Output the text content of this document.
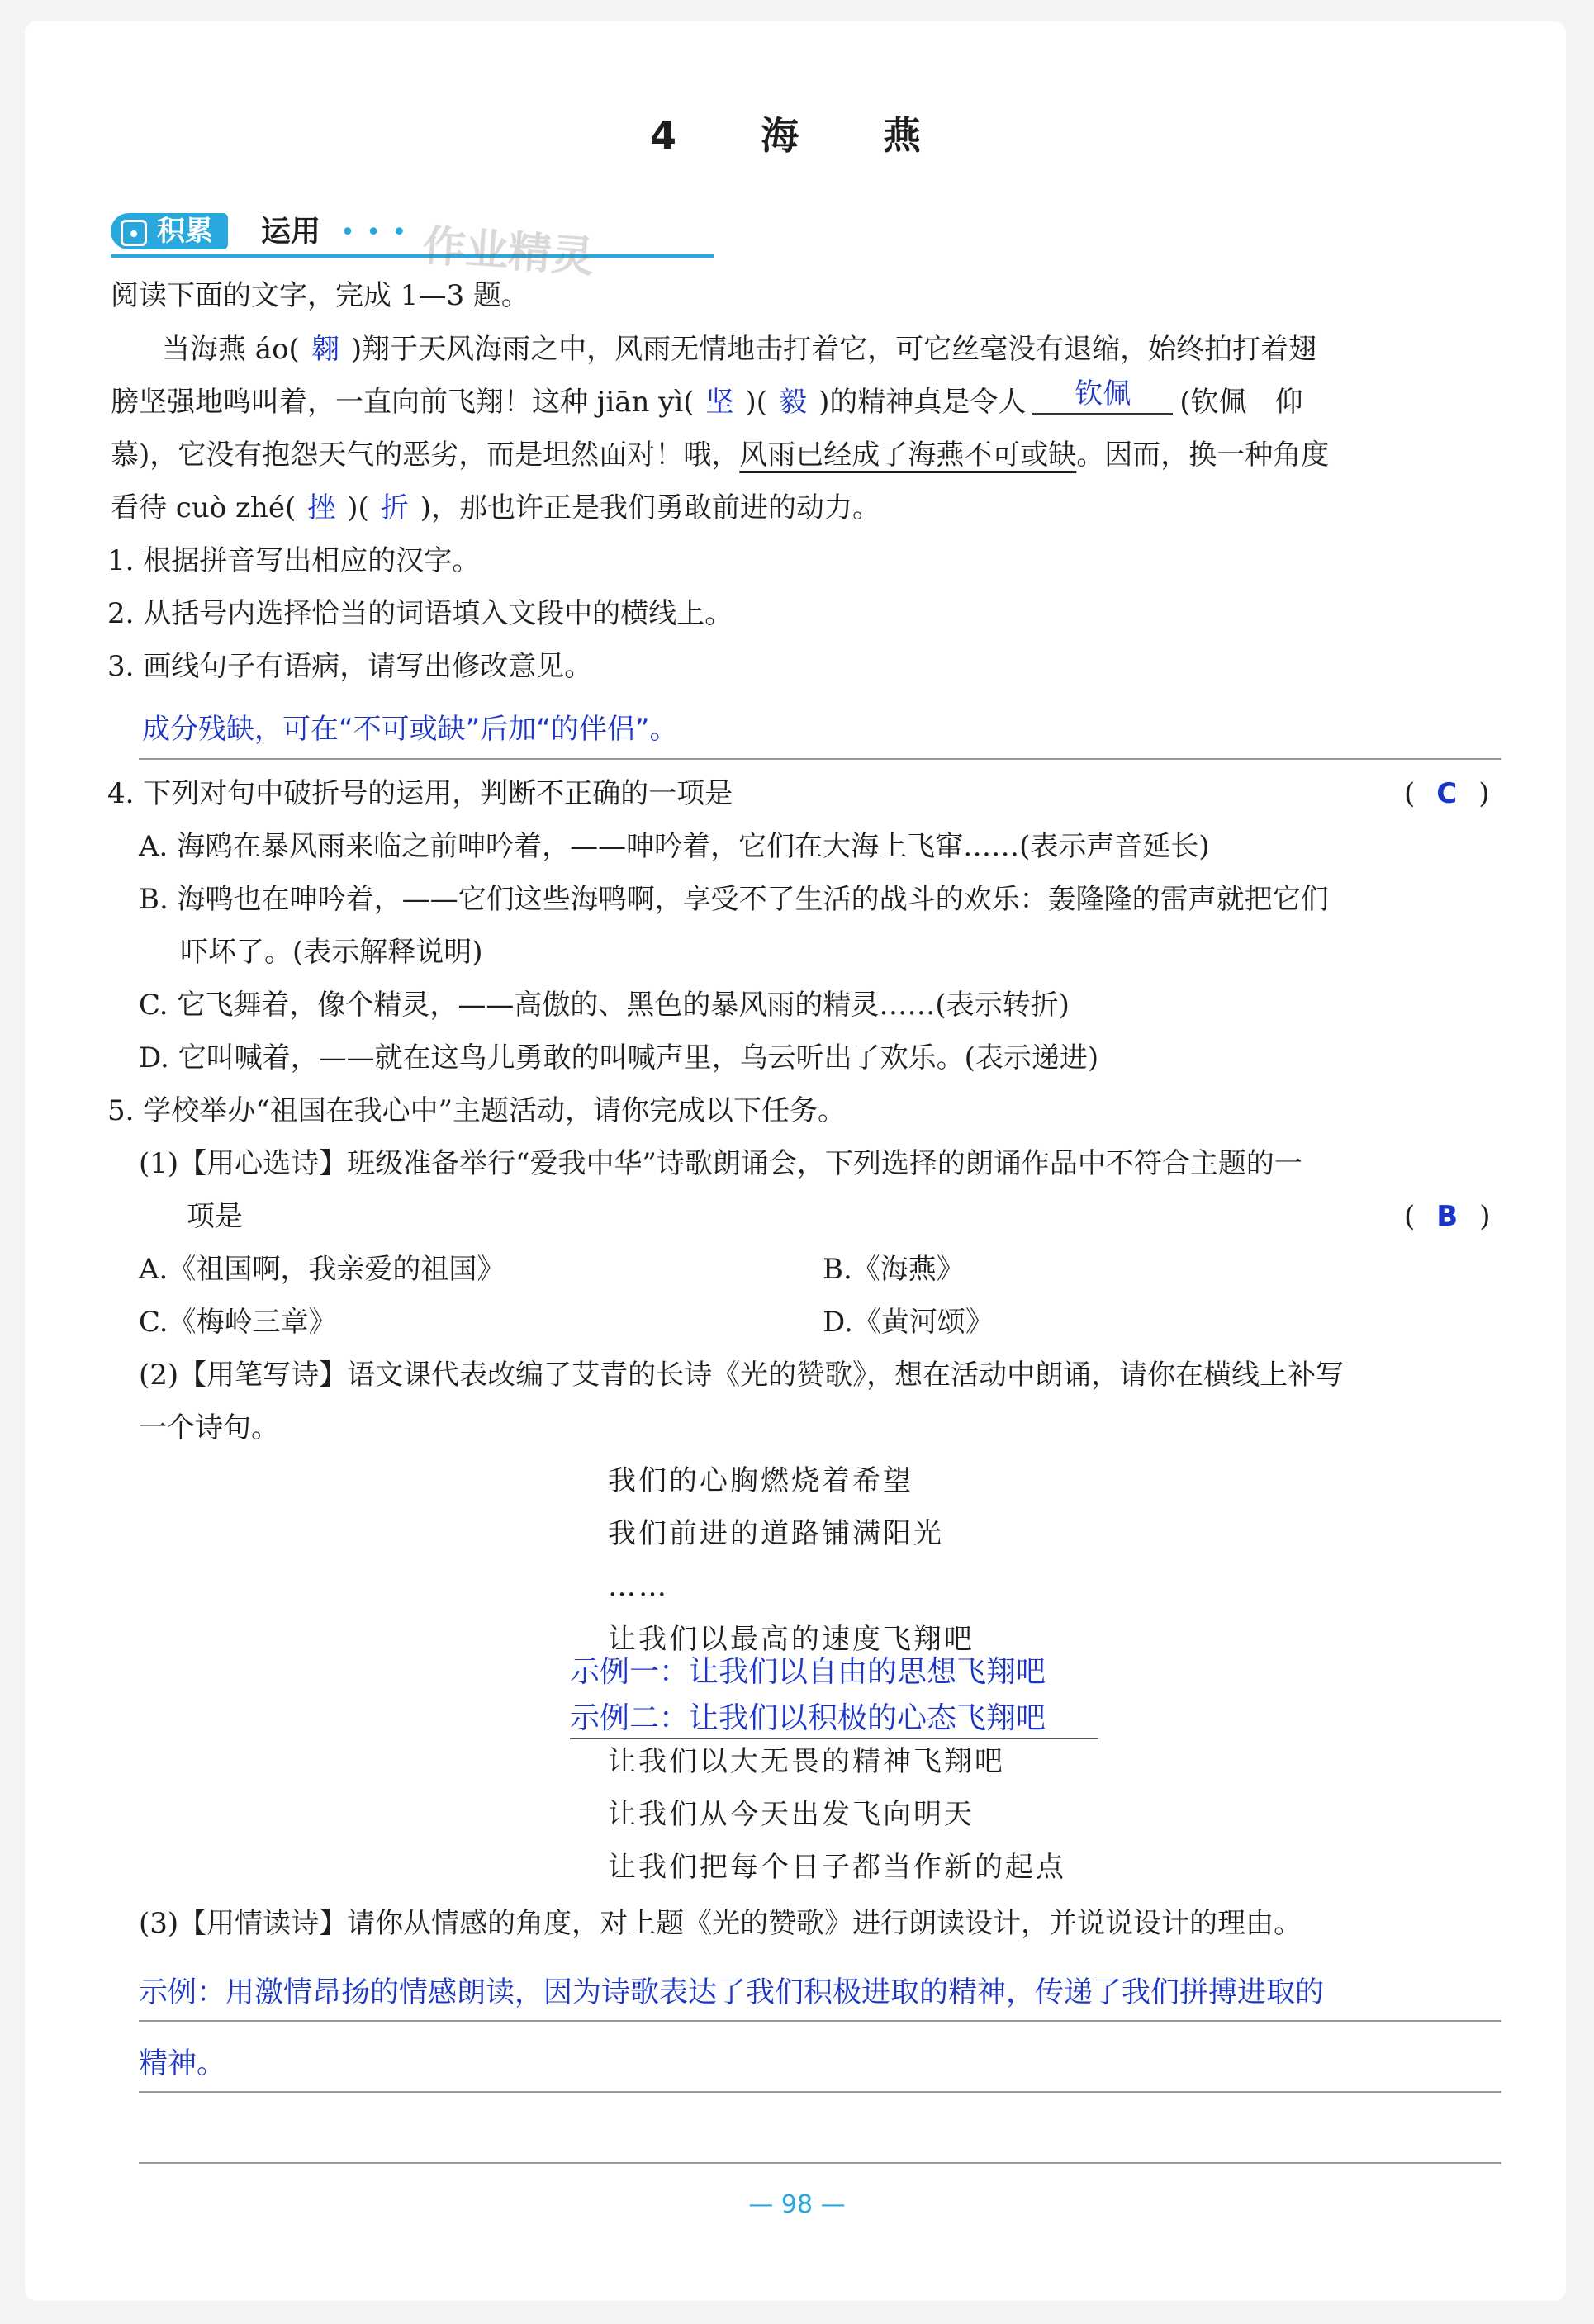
4　海　燕
积累	运用 • • • 作业精灵
阅读下面的文字，完成 1—3 题。
当海燕 áo( 翱 )翔于天风海雨之中，风雨无情地击打着它，可它丝毫没有退缩，始终拍打着翅
膀坚强地鸣叫着，一直向前飞翔！这种 jiān yì( 坚 )( 毅 )的精神真是令人 钦佩 (钦佩　仰
慕)，它没有抱怨天气的恶劣，而是坦然面对！哦，风雨已经成了海燕不可或缺。因而，换一种角度
看待 cuò zhé( 挫 )( 折 )，那也许正是我们勇敢前进的动力。
1. 根据拼音写出相应的汉字。
2. 从括号内选择恰当的词语填入文段中的横线上。
3. 画线句子有语病，请写出修改意见。
成分残缺，可在“不可或缺”后加“的伴侣”。
4. 下列对句中破折号的运用，判断不正确的一项是	( C )
A. 海鸥在暴风雨来临之前呻吟着，——呻吟着，它们在大海上飞窜……(表示声音延长)
B. 海鸭也在呻吟着，——它们这些海鸭啊，享受不了生活的战斗的欢乐：轰隆隆的雷声就把它们
吓坏了。(表示解释说明)
C. 它飞舞着，像个精灵，——高傲的、黑色的暴风雨的精灵……(表示转折)
D. 它叫喊着，——就在这鸟儿勇敢的叫喊声里，乌云听出了欢乐。(表示递进)
5. 学校举办“祖国在我心中”主题活动，请你完成以下任务。
(1)【用心选诗】班级准备举行“爱我中华”诗歌朗诵会，下列选择的朗诵作品中不符合主题的一
项是	( B )
A.《祖国啊，我亲爱的祖国》	B.《海燕》
C.《梅岭三章》	D.《黄河颂》
(2)【用笔写诗】语文课代表改编了艾青的长诗《光的赞歌》，想在活动中朗诵，请你在横线上补写
一个诗句。
我们的心胸燃烧着希望
我们前进的道路铺满阳光
……
让我们以最高的速度飞翔吧
示例一：让我们以自由的思想飞翔吧
示例二：让我们以积极的心态飞翔吧
让我们以大无畏的精神飞翔吧
让我们从今天出发飞向明天
让我们把每个日子都当作新的起点
(3)【用情读诗】请你从情感的角度，对上题《光的赞歌》进行朗读设计，并说说设计的理由。
示例：用激情昂扬的情感朗读，因为诗歌表达了我们积极进取的精神，传递了我们拼搏进取的
精神。
— 98 —
